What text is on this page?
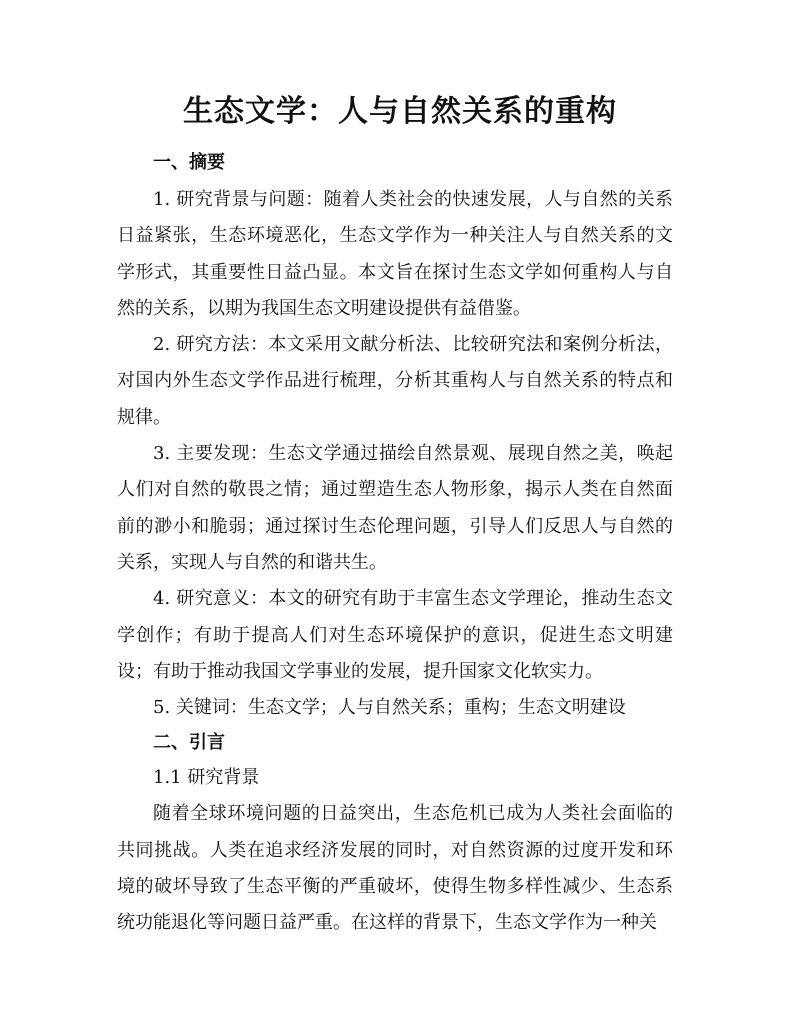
生态文学：人与自然关系的重构
一、摘要

1. 研究背景与问题：随着人类社会的快速发展，人与自然的关系日益紧张，生态环境恶化，生态文学作为一种关注人与自然关系的文学形式，其重要性日益凸显。本文旨在探讨生态文学如何重构人与自然的关系，以期为我国生态文明建设提供有益借鉴。

2. 研究方法：本文采用文献分析法、比较研究法和案例分析法，对国内外生态文学作品进行梳理，分析其重构人与自然关系的特点和规律。

3. 主要发现：生态文学通过描绘自然景观、展现自然之美，唤起人们对自然的敬畏之情；通过塑造生态人物形象，揭示人类在自然面前的渺小和脆弱；通过探讨生态伦理问题，引导人们反思人与自然的关系，实现人与自然的和谐共生。

4. 研究意义：本文的研究有助于丰富生态文学理论，推动生态文学创作；有助于提高人们对生态环境保护的意识，促进生态文明建设；有助于推动我国文学事业的发展，提升国家文化软实力。

5. 关键词：生态文学；人与自然关系；重构；生态文明建设

二、引言
1.1 研究背景

随着全球环境问题的日益突出，生态危机已成为人类社会面临的共同挑战。人类在追求经济发展的同时，对自然资源的过度开发和环境的破坏导致了生态平衡的严重破坏，使得生物多样性减少、生态系统功能退化等问题日益严重。在这样的背景下，生态文学作为一种关
